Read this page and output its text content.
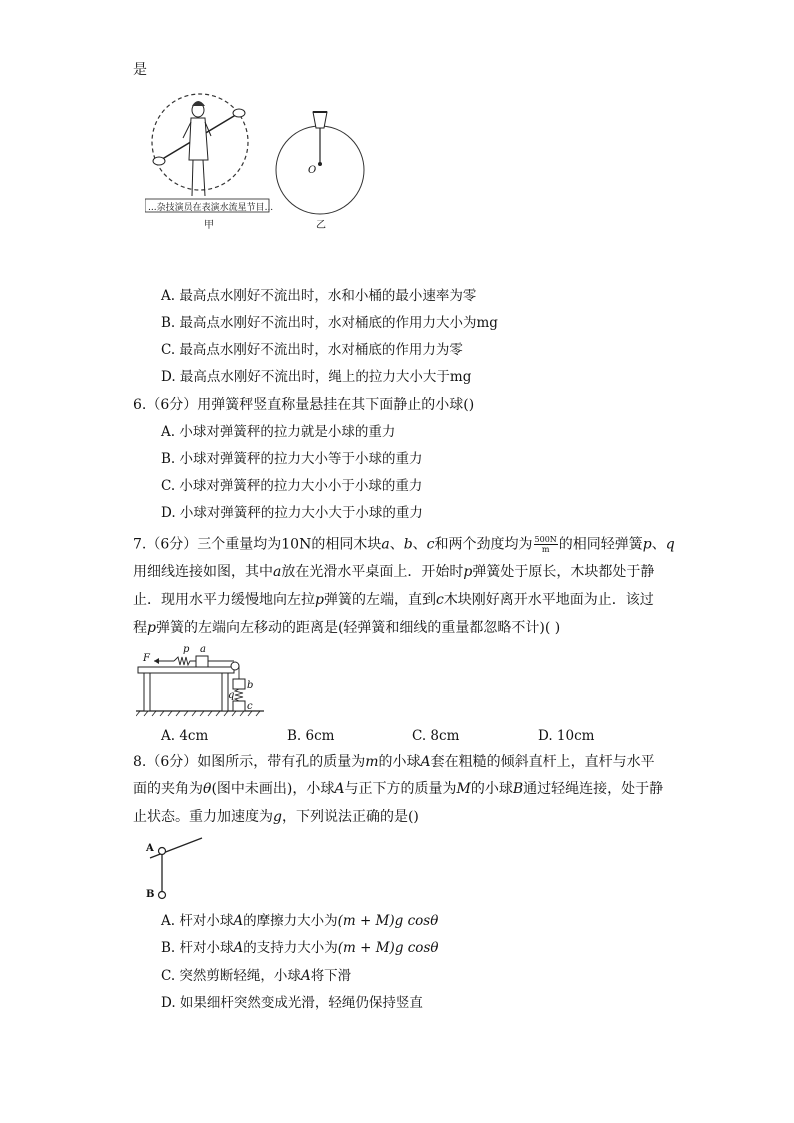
是
...杂技演员在表演水流星节目...
甲	乙
O
A. 最高点水刚好不流出时，水和小桶的最小速率为零
B. 最高点水刚好不流出时，水对桶底的作用力大小为mg
C. 最高点水刚好不流出时，水对桶底的作用力为零
D. 最高点水刚好不流出时，绳上的拉力大小大于mg
6.（6分）用弹簧秤竖直称量悬挂在其下面静止的小球()
A. 小球对弹簧秤的拉力就是小球的重力
B. 小球对弹簧秤的拉力大小等于小球的重力
C. 小球对弹簧秤的拉力大小小于小球的重力
D. 小球对弹簧秤的拉力大小大于小球的重力
7.（6分）三个重量均为10N的相同木块a、b、c和两个劲度均为 $\frac{500N}{m}$ 的相同轻弹簧p、q
用细线连接如图，其中a放在光滑水平桌面上．开始时p弹簧处于原长，木块都处于静
止．现用水平力缓慢地向左拉p弹簧的左端，直到c木块刚好离开水平地面为止．该过
程p弹簧的左端向左移动的距离是(轻弹簧和细线的重量都忽略不计)( )
F
p a
b
q
c
A. 4cm	B. 6cm	C. 8cm	D. 10cm
8.（6分）如图所示，带有孔的质量为m的小球A套在粗糙的倾斜直杆上，直杆与水平
面的夹角为θ(图中未画出)，小球A与正下方的质量为M的小球B通过轻绳连接，处于静
止状态。重力加速度为g，下列说法正确的是()
A
B
A. 杆对小球A的摩擦力大小为(m + M)g cosθ
B. 杆对小球A的支持力大小为(m + M)g cosθ
C. 突然剪断轻绳，小球A将下滑
D. 如果细杆突然变成光滑，轻绳仍保持竖直
